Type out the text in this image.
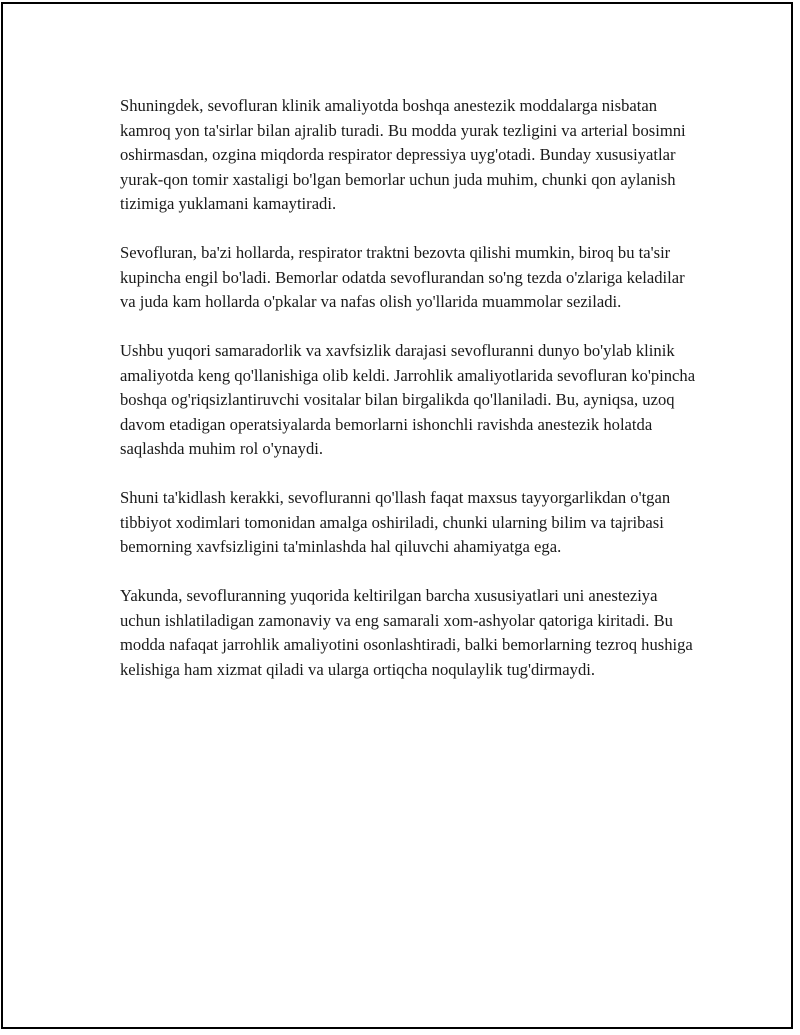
Shuningdek, sevofluran klinik amaliyotda boshqa anestezik moddalarga nisbatan kamroq yon ta'sirlar bilan ajralib turadi. Bu modda yurak tezligini va arterial bosimni oshirmasdan, ozgina miqdorda respirator depressiya uyg'otadi. Bunday xususiyatlar yurak-qon tomir xastaligi bo'lgan bemorlar uchun juda muhim, chunki qon aylanish tizimiga yuklamani kamaytiradi.

Sevofluran, ba'zi hollarda, respirator traktni bezovta qilishi mumkin, biroq bu ta'sir kupincha engil bo'ladi. Bemorlar odatda sevoflurandan so'ng tezda o'zlariga keladilar va juda kam hollarda o'pkalar va nafas olish yo'llarida muammolar seziladi.

Ushbu yuqori samaradorlik va xavfsizlik darajasi sevofluranni dunyo bo'ylab klinik amaliyotda keng qo'llanishiga olib keldi. Jarrohlik amaliyotlarida sevofluran ko'pincha boshqa og'riqsizlantiruvchi vositalar bilan birgalikda qo'llaniladi. Bu, ayniqsa, uzoq davom etadigan operatsiyalarda bemorlarni ishonchli ravishda anestezik holatda saqlashda muhim rol o'ynaydi.

Shuni ta'kidlash kerakki, sevofluranni qo'llash faqat maxsus tayyorgarlikdan o'tgan tibbiyot xodimlari tomonidan amalga oshiriladi, chunki ularning bilim va tajribasi bemorning xavfsizligini ta'minlashda hal qiluvchi ahamiyatga ega.

Yakunda, sevofluranning yuqorida keltirilgan barcha xususiyatlari uni anesteziya uchun ishlatiladigan zamonaviy va eng samarali xom-ashyolar qatoriga kiritadi. Bu modda nafaqat jarrohlik amaliyotini osonlashtiradi, balki bemorlarning tezroq hushiga kelishiga ham xizmat qiladi va ularga ortiqcha noqulaylik tug'dirmaydi.
